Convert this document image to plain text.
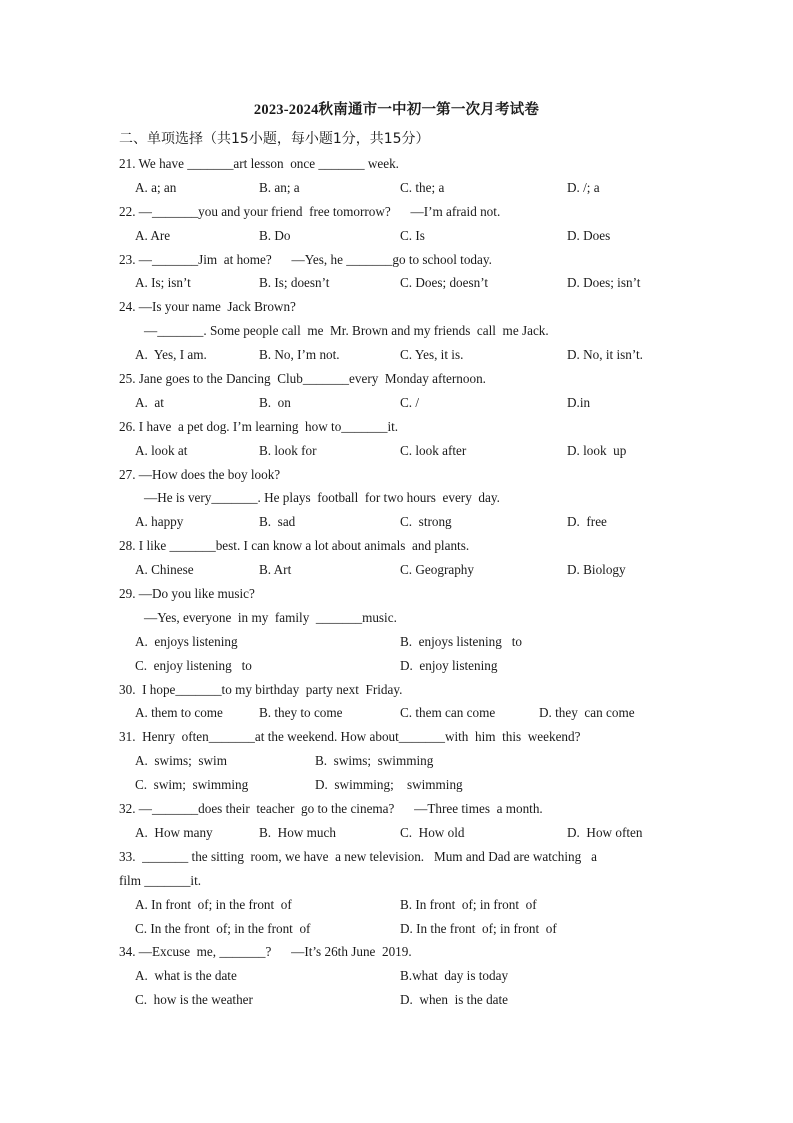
2023-2024秋南通市一中初一第一次月考试卷
二、单项选择（共15小题，每小题1分，共15分）
21. We have _______art lesson  once _______ week.
A. a; an	B. an; a	C. the; a	D. /; a
22. —_______you and your friend  free tomorrow?      —I’m afraid not.
A. Are	B. Do	C. Is	D. Does
23. —_______Jim  at home?      —Yes, he _______go to school today.
A. Is; isn’t	B. Is; doesn’t	C. Does; doesn’t	D. Does; isn’t
24. —Is your name  Jack Brown?
—_______. Some people call  me  Mr. Brown and my friends  call  me Jack.
A.  Yes, I am.	B. No, I’m not.	C. Yes, it is.	D. No, it isn’t.
25. Jane goes to the Dancing  Club_______every  Monday afternoon.
A.  at	B.  on	C. /	D.in
26. I have  a pet dog. I’m learning  how to_______it.
A. look at	B. look for	C. look after	D. look  up
27. —How does the boy look?
—He is very_______. He plays  football  for two hours  every  day.
A. happy	B.  sad	C.  strong	D.  free
28. I like _______best. I can know a lot about animals  and plants.
A. Chinese	B. Art	C. Geography	D. Biology
29. —Do you like music?
—Yes, everyone  in my  family  _______music.
A.  enjoys listening	B.  enjoys listening   to
C.  enjoy listening   to	D.  enjoy listening
30.  I hope_______to my birthday  party next  Friday.
A. them to come	B. they to come	C. them can come	D. they  can come
31.  Henry  often_______at the weekend. How about_______with  him  this  weekend?
A.  swims;  swim	B.  swims;  swimming
C.  swim;  swimming	D.  swimming;    swimming
32. —_______does their  teacher  go to the cinema?      —Three times  a month.
A.  How many	B.  How much	C.  How old	D.  How often
33.  _______ the sitting  room, we have  a new television.   Mum and Dad are watching   a
film _______it.
A. In front  of; in the front  of	B. In front  of; in front  of
C. In the front  of; in the front  of	D. In the front  of; in front  of
34. —Excuse  me, _______?      —It’s 26th June  2019.
A.  what is the date	B.what  day is today
C.  how is the weather	D.  when  is the date
